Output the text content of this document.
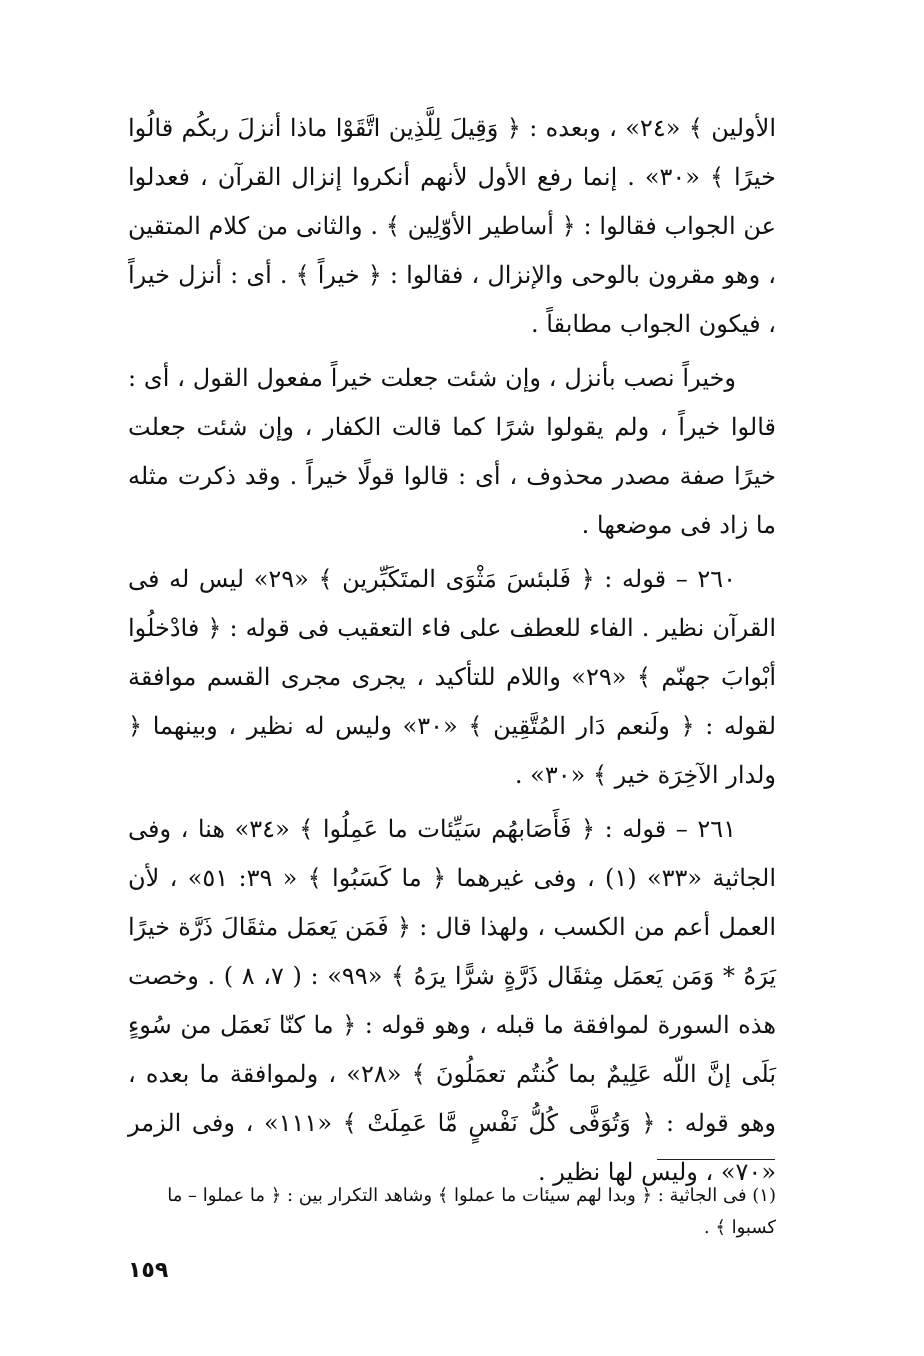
الأولين ﴾ «٢٤» ، وبعده : ﴿ وَقِيلَ لِلَّذِين اتَّقَوْا ماذا أنزلَ ربكُم قالُوا خيرًا ﴾ «٣٠» . إنما رفع الأول لأنهم أنكروا إنزال القرآن ، فعدلوا عن الجواب فقالوا : ﴿ أساطير الأوّلِين ﴾ . والثانى من كلام المتقين ، وهو مقرون بالوحى والإنزال ، فقالوا : ﴿ خيراً ﴾ . أى : أنزل خيراً ، فيكون الجواب مطابقاً .

وخيراً نصب بأنزل ، وإن شئت جعلت خيراً مفعول القول ، أى : قالوا خيراً ، ولم يقولوا شرًا كما قالت الكفار ، وإن شئت جعلت خيرًا صفة مصدر محذوف ، أى : قالوا قولًا خيراً . وقد ذكرت مثله ما زاد فى موضعها .

٢٦٠ – قوله : ﴿ فَلبئسَ مَثْوَى المتَكَبِّرين ﴾ «٢٩» ليس له فى القرآن نظير . الفاء للعطف على فاء التعقيب فى قوله : ﴿ فادْخلُوا أبْوابَ جهنّم ﴾ «٢٩» واللام للتأكيد ، يجرى مجرى القسم موافقة لقوله : ﴿ ولَنعم دَار المُتَّقِين ﴾ «٣٠» وليس له نظير ، وبينهما ﴿ ولدار الآخِرَة خير ﴾ «٣٠» .

٢٦١ – قوله : ﴿ فَأَصَابهُم سَيِّئات ما عَمِلُوا ﴾ «٣٤» هنا ، وفى الجاثية «٣٣» (١) ، وفى غيرهما ﴿ ما كَسَبُوا ﴾ « ٣٩: ٥١» ، لأن العمل أعم من الكسب ، ولهذا قال : ﴿ فَمَن يَعمَل مثقَالَ ذَرَّة خيرًا يَرَهُ * وَمَن يَعمَل مِثقَال ذَرَّةٍ شرًّا يرَهُ ﴾ «٩٩» : ( ٧، ٨ ) . وخصت هذه السورة لموافقة ما قبله ، وهو قوله : ﴿ ما كنّا نَعمَل من سُوءٍ بَلَى إنَّ اللّه عَلِيمٌ بما كُنتُم تعمَلُونَ ﴾ «٢٨» ، ولموافقة ما بعده ، وهو قوله : ﴿ وَتُوَفَّى كُلُّ نَفْسٍ مَّا عَمِلَتْ ﴾ «١١١» ، وفى الزمر «٧٠» ، وليس لها نظير .

(١) فى الجاثية : ﴿ وبدا لهم سيئات ما عملوا ﴾ وشاهد التكرار بين : ﴿ ما عملوا – ما كسبوا ﴾ .
١٥٩
